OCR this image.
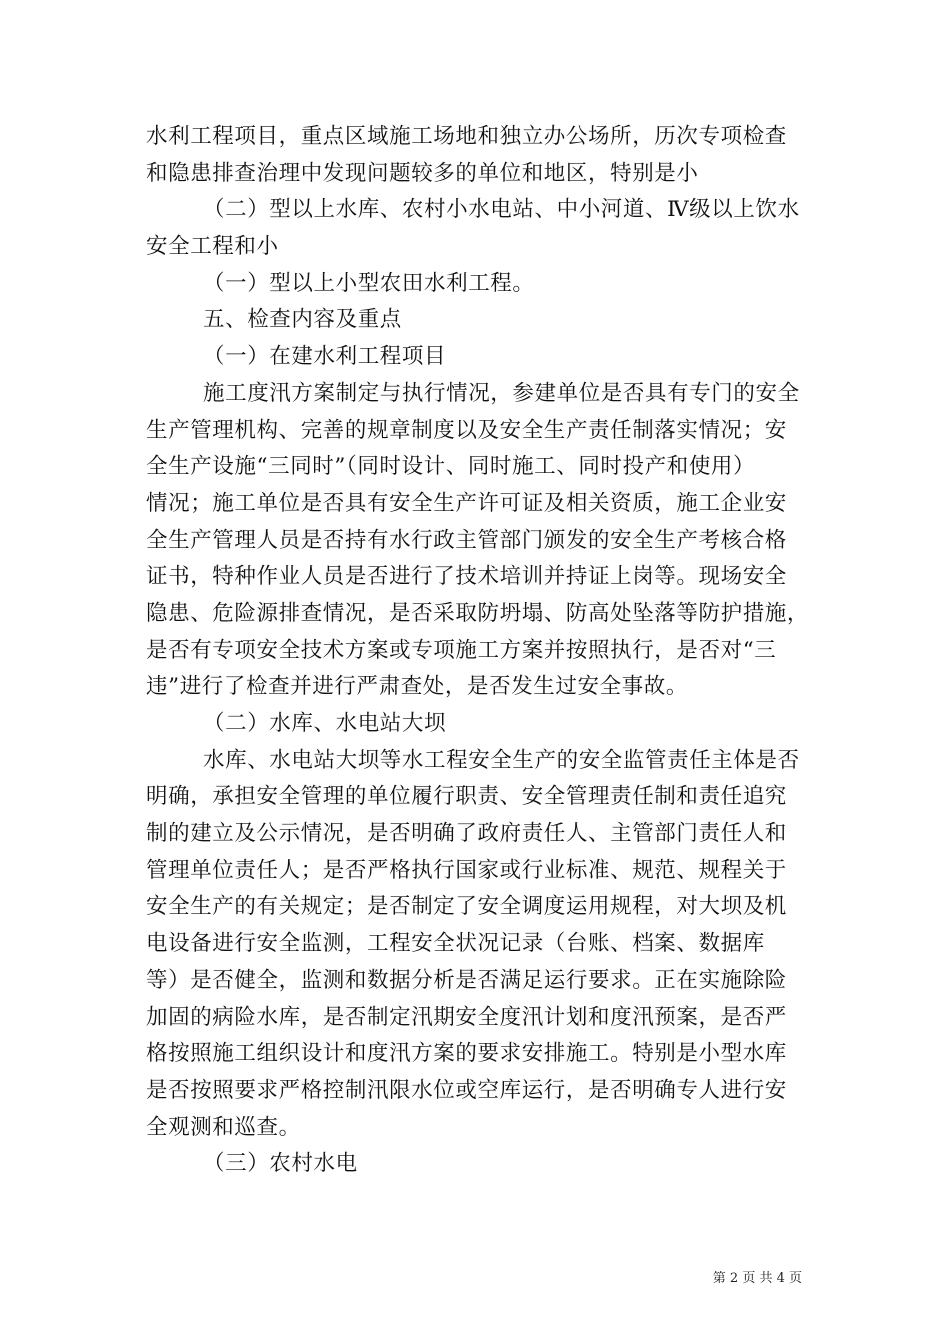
水利工程项目，重点区域施工场地和独立办公场所，历次专项检查
和隐患排查治理中发现问题较多的单位和地区，特别是小
（二）型以上水库、农村小水电站、中小河道、Ⅳ级以上饮水
安全工程和小
（一）型以上小型农田水利工程。
五、检查内容及重点
（一）在建水利工程项目
施工度汛方案制定与执行情况，参建单位是否具有专门的安全
生产管理机构、完善的规章制度以及安全生产责任制落实情况；安
全生产设施“三同时”（同时设计、同时施工、同时投产和使用）
情况；施工单位是否具有安全生产许可证及相关资质，施工企业安
全生产管理人员是否持有水行政主管部门颁发的安全生产考核合格
证书，特种作业人员是否进行了技术培训并持证上岗等。现场安全
隐患、危险源排查情况，是否采取防坍塌、防高处坠落等防护措施，
是否有专项安全技术方案或专项施工方案并按照执行，是否对“三
违”进行了检查并进行严肃查处，是否发生过安全事故。
（二）水库、水电站大坝
水库、水电站大坝等水工程安全生产的安全监管责任主体是否
明确，承担安全管理的单位履行职责、安全管理责任制和责任追究
制的建立及公示情况，是否明确了政府责任人、主管部门责任人和
管理单位责任人；是否严格执行国家或行业标准、规范、规程关于
安全生产的有关规定；是否制定了安全调度运用规程，对大坝及机
电设备进行安全监测，工程安全状况记录（台账、档案、数据库
等）是否健全，监测和数据分析是否满足运行要求。正在实施除险
加固的病险水库，是否制定汛期安全度汛计划和度汛预案，是否严
格按照施工组织设计和度汛方案的要求安排施工。特别是小型水库
是否按照要求严格控制汛限水位或空库运行，是否明确专人进行安
全观测和巡查。
（三）农村水电
第 2 页 共 4 页
